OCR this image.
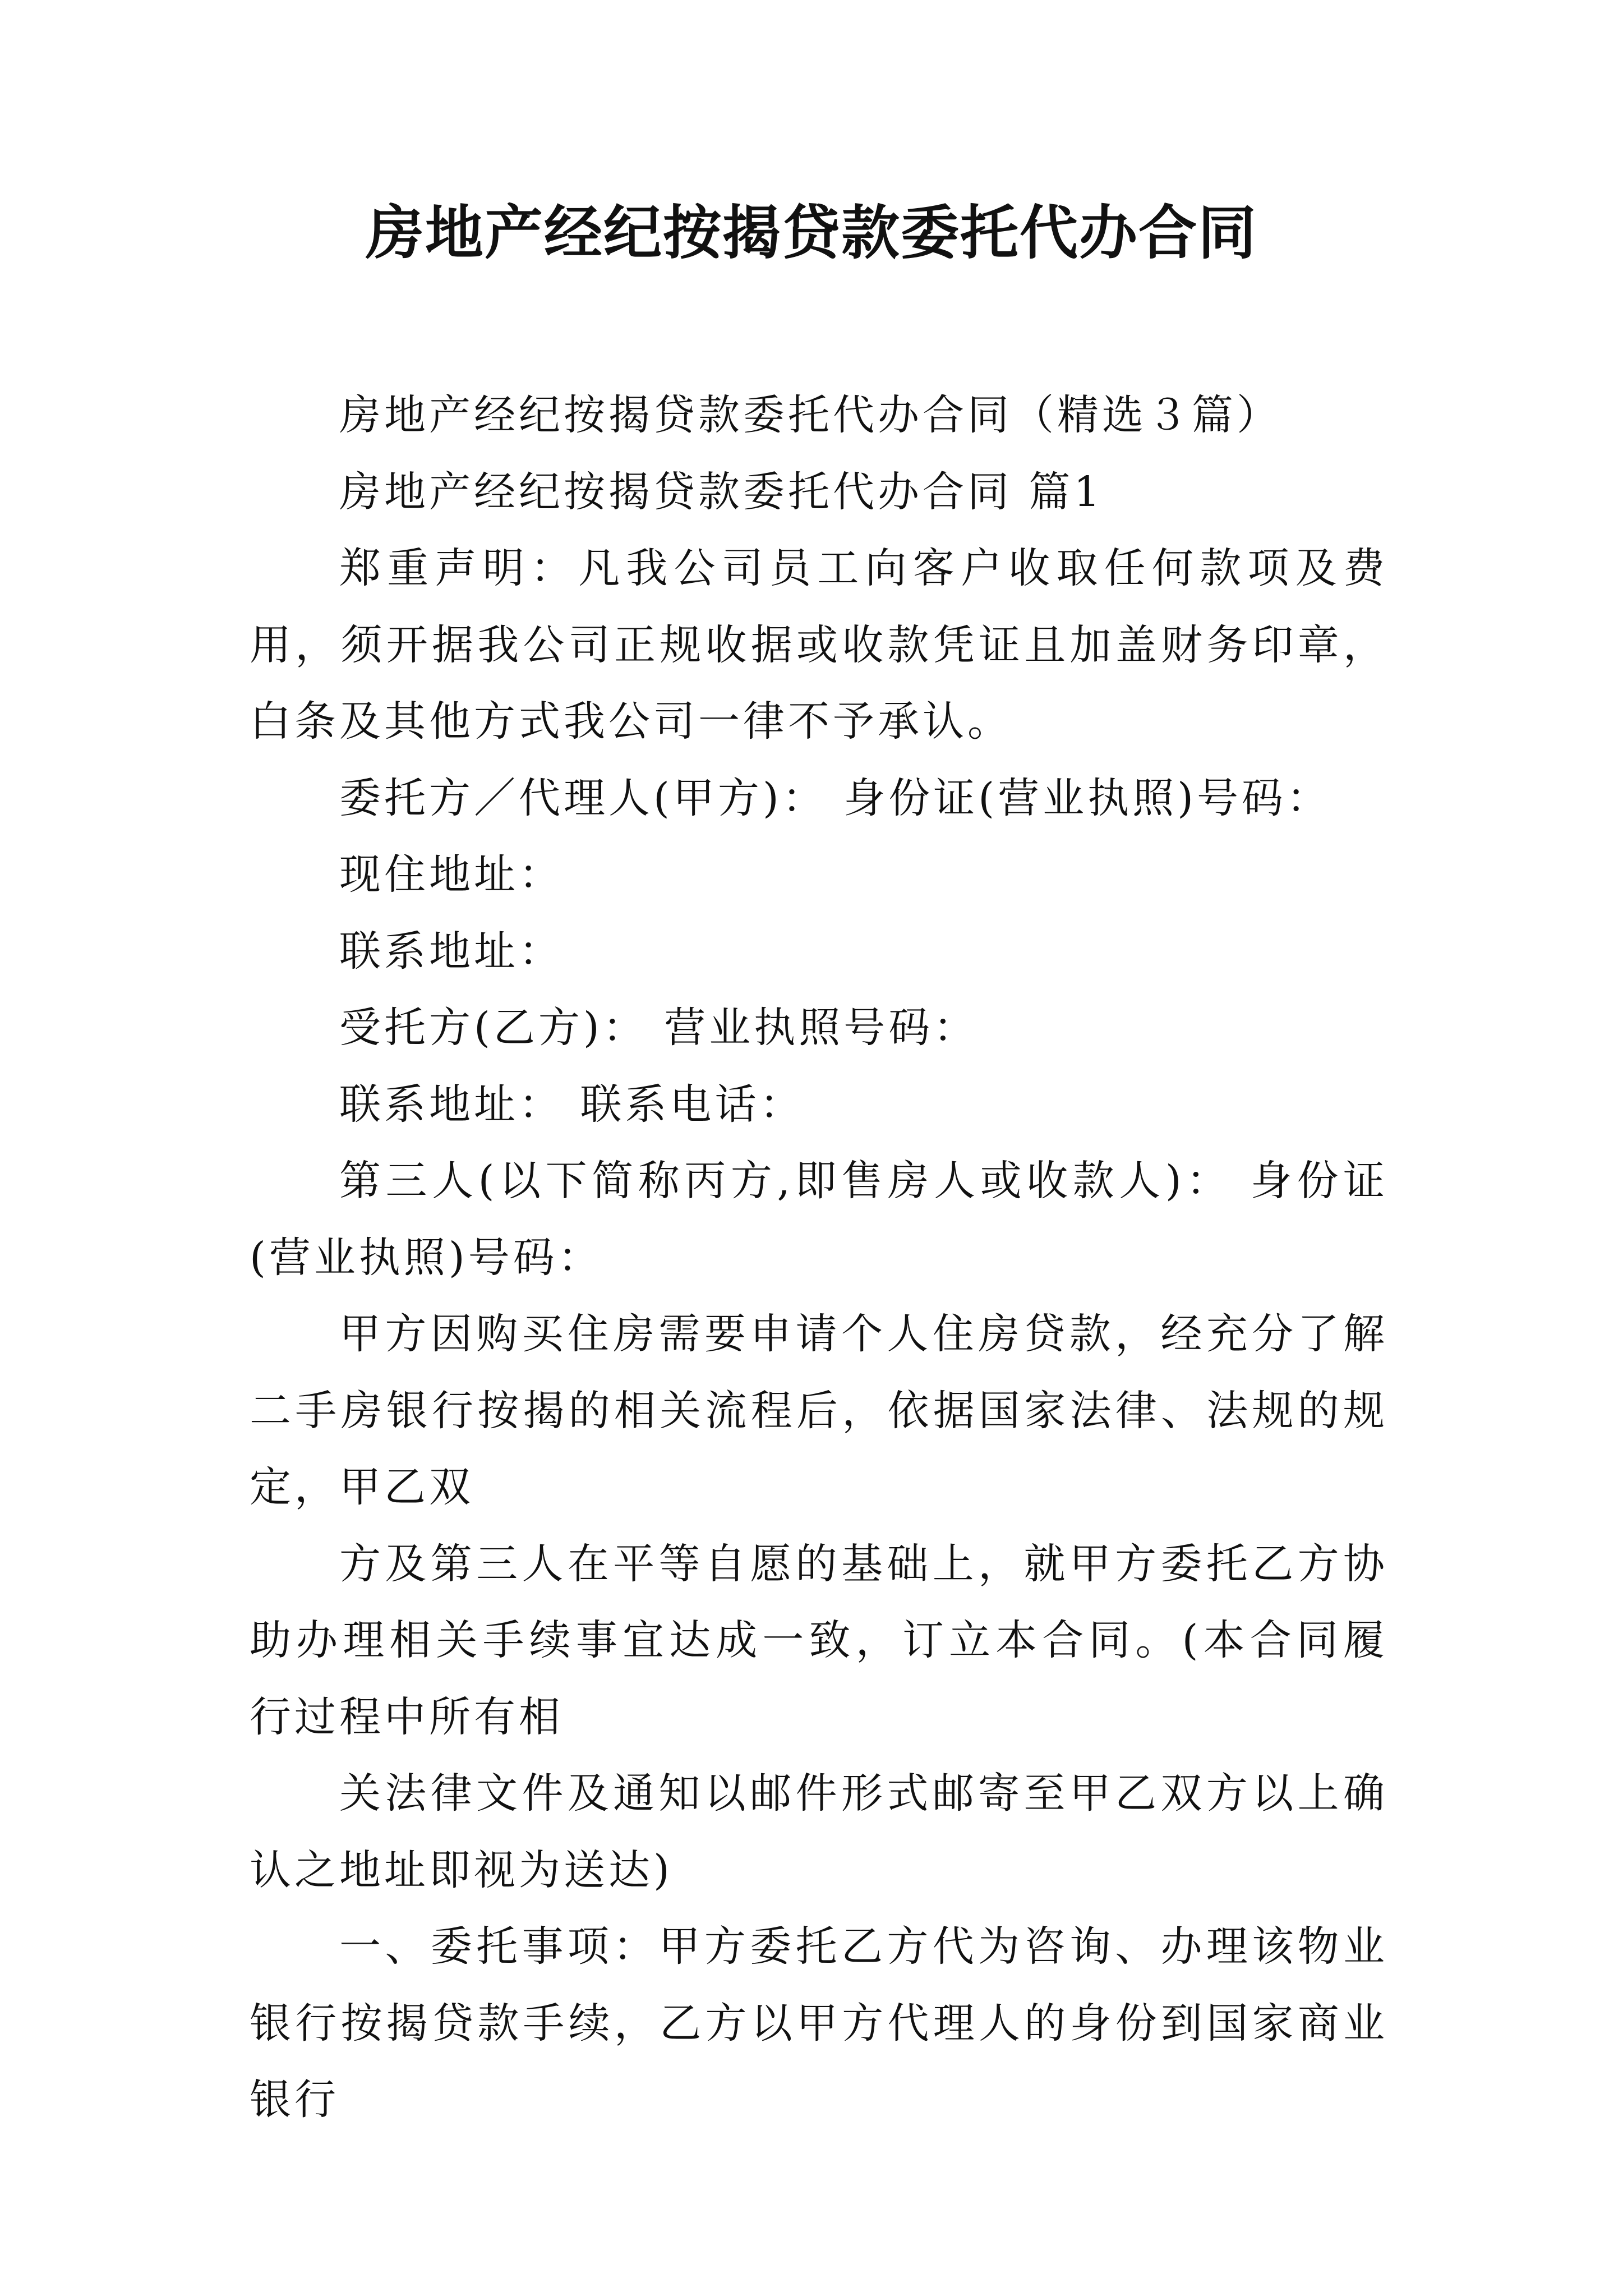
房地产经纪按揭贷款委托代办合同

房地产经纪按揭贷款委托代办合同（精选３篇）

房地产经纪按揭贷款委托代办合同 篇1

郑重声明：凡我公司员工向客户收取任何款项及费用，须开据我公司正规收据或收款凭证且加盖财务印章，白条及其他方式我公司一律不予承认。

委托方／代理人(甲方)： 身份证(营业执照)号码：

现住地址：

联系地址：

受托方(乙方)： 营业执照号码：

联系地址： 联系电话：

第三人(以下简称丙方,即售房人或收款人)： 身份证(营业执照)号码：

甲方因购买住房需要申请个人住房贷款，经充分了解二手房银行按揭的相关流程后，依据国家法律、法规的规定，甲乙双

方及第三人在平等自愿的基础上，就甲方委托乙方协助办理相关手续事宜达成一致，订立本合同。(本合同履行过程中所有相

关法律文件及通知以邮件形式邮寄至甲乙双方以上确认之地址即视为送达)

一、委托事项：甲方委托乙方代为咨询、办理该物业银行按揭贷款手续，乙方以甲方代理人的身份到国家商业银行
